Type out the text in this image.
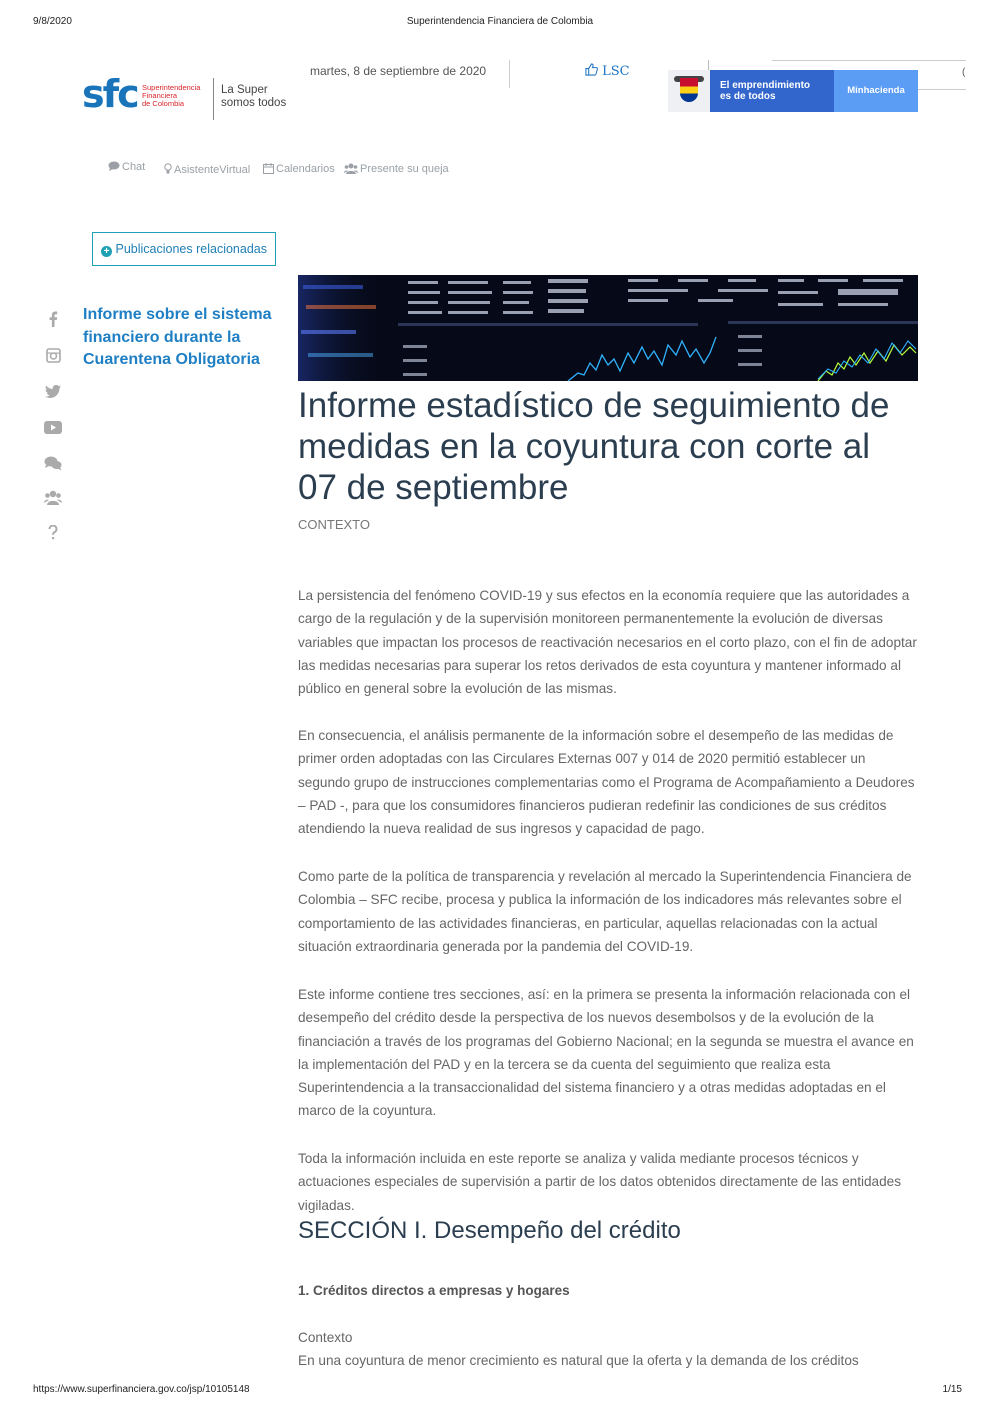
9/8/2020	Superintendencia Financiera de Colombia
sfc Superintendencia
Financiera
de Colombia
La Super
somos todos
martes, 8 de septiembre de 2020	LSC	(
El emprendimiento
es de todos
Minhacienda
Chat	AsistenteVirtual	Calendarios	Presente su queja
+ Publicaciones relacionadas
Informe sobre el sistema financiero durante la Cuarentena Obligatoria
Informe estadístico de seguimiento de medidas en la coyuntura con corte al 07 de septiembre
CONTEXTO
La persistencia del fenómeno COVID-19 y sus efectos en la economía requiere que las autoridades a cargo de la regulación y de la supervisión monitoreen permanentemente la evolución de diversas variables que impactan los procesos de reactivación necesarios en el corto plazo, con el fin de adoptar las medidas necesarias para superar los retos derivados de esta coyuntura y mantener informado al público en general sobre la evolución de las mismas.
En consecuencia, el análisis permanente de la información sobre el desempeño de las medidas de primer orden adoptadas con las Circulares Externas 007 y 014 de 2020 permitió establecer un segundo grupo de instrucciones complementarias como el Programa de Acompañamiento a Deudores – PAD -, para que los consumidores financieros pudieran redefinir las condiciones de sus créditos atendiendo la nueva realidad de sus ingresos y capacidad de pago.
Como parte de la política de transparencia y revelación al mercado la Superintendencia Financiera de Colombia – SFC recibe, procesa y publica la información de los indicadores más relevantes sobre el comportamiento de las actividades financieras, en particular, aquellas relacionadas con la actual situación extraordinaria generada por la pandemia del COVID-19.
Este informe contiene tres secciones, así: en la primera se presenta la información relacionada con el desempeño del crédito desde la perspectiva de los nuevos desembolsos y de la evolución de la financiación a través de los programas del Gobierno Nacional; en la segunda se muestra el avance en la implementación del PAD y en la tercera se da cuenta del seguimiento que realiza esta Superintendencia a la transaccionalidad del sistema financiero y a otras medidas adoptadas en el marco de la coyuntura.
Toda la información incluida en este reporte se analiza y valida mediante procesos técnicos y actuaciones especiales de supervisión a partir de los datos obtenidos directamente de las entidades vigiladas.
SECCIÓN I. Desempeño del crédito
1. Créditos directos a empresas y hogares
Contexto
En una coyuntura de menor crecimiento es natural que la oferta y la demanda de los créditos
https://www.superfinanciera.gov.co/jsp/10105148	1/15
